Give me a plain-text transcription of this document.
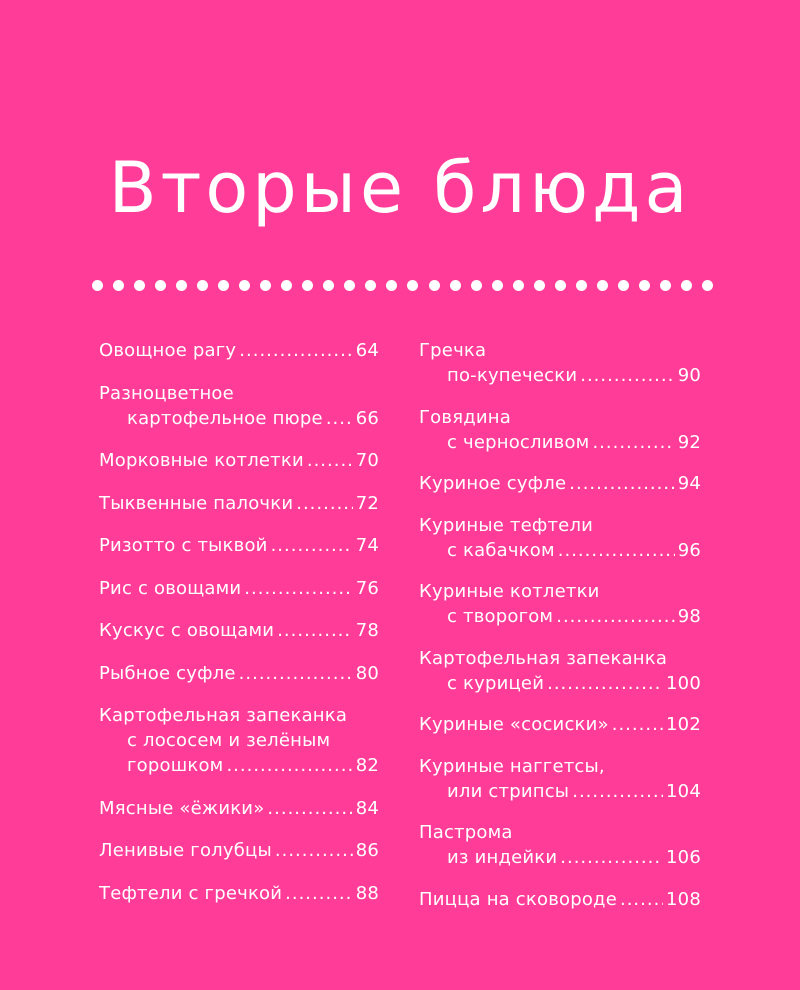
Вторые блюда
Овощное рагу .....	64
Разноцветное
картофельное пюре ..... 66
Морковные котлетки .....	70
Тыквенные палочки .....	72
Ризотто с тыквой .....	74
Рис с овощами .....	76
Кускус с овощами .....	78
Рыбное суфле .....	80
Картофельная запеканка
с лососем и зелёным
горошком .....	82
Мясные «ёжики» .....	84
Ленивые голубцы .....	86
Тефтели с гречкой .....	88
Гречка
по-купечески .....	90
Говядина
с черносливом .....	92
Куриное суфле .....	94
Куриные тефтели
с кабачком .....	96
Куриные котлетки
с творогом .....	98
Картофельная запеканка
с курицей .....	100
Куриные «сосиски» .....	102
Куриные наггетсы,
или стрипсы .....	104
Пастрома
из индейки .....	106
Пицца на сковороде .....	108
